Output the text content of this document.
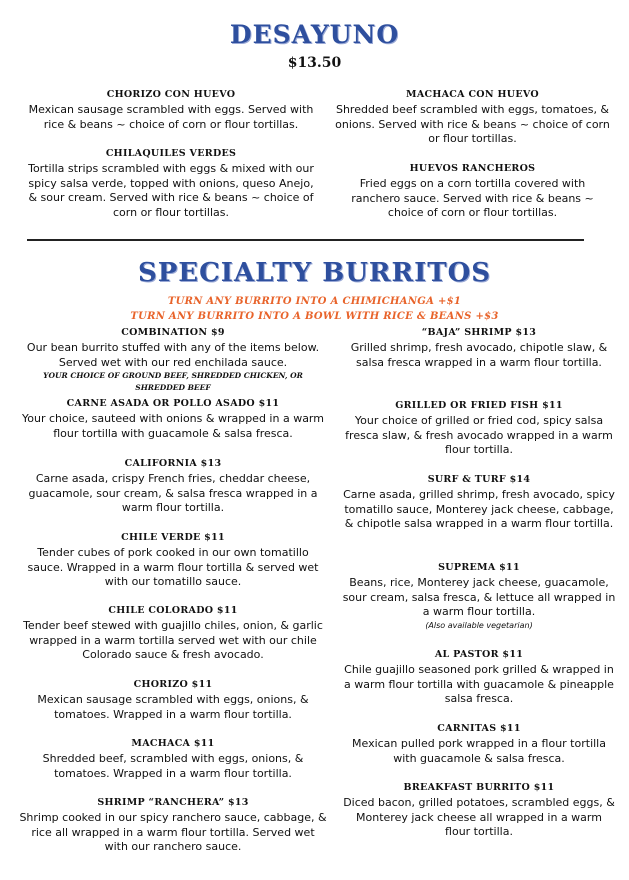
DESAYUNO
$13.50
CHORIZO CON HUEVO
Mexican sausage scrambled with eggs. Served with rice & beans ~ choice of corn or flour tortillas.
MACHACA CON HUEVO
Shredded beef scrambled with eggs, tomatoes, & onions. Served with rice & beans ~ choice of corn or flour tortillas.
CHILAQUILES VERDES
Tortilla strips scrambled with eggs & mixed with our spicy salsa verde, topped with onions, queso Anejo, & sour cream. Served with rice & beans ~ choice of corn or flour tortillas.
HUEVOS RANCHEROS
Fried eggs on a corn tortilla covered with ranchero sauce. Served with rice & beans ~ choice of corn or flour tortillas.
SPECIALTY BURRITOS
TURN ANY BURRITO INTO A CHIMICHANGA +$1
TURN ANY BURRITO INTO A BOWL WITH RICE & BEANS +$3
COMBINATION $9
Our bean burrito stuffed with any of the items below. Served wet with our red enchilada sauce.
YOUR CHOICE OF GROUND BEEF, SHREDDED CHICKEN, OR SHREDDED BEEF
CARNE ASADA OR POLLO ASADO $11
Your choice, sauteed with onions & wrapped in a warm flour tortilla with guacamole & salsa fresca.
CALIFORNIA $13
Carne asada, crispy French fries, cheddar cheese, guacamole, sour cream, & salsa fresca wrapped in a warm flour tortilla.
CHILE VERDE $11
Tender cubes of pork cooked in our own tomatillo sauce. Wrapped in a warm flour tortilla & served wet with our tomatillo sauce.
CHILE COLORADO $11
Tender beef stewed with guajillo chiles, onion, & garlic wrapped in a warm tortilla served wet with our chile Colorado sauce & fresh avocado.
CHORIZO $11
Mexican sausage scrambled with eggs, onions, & tomatoes. Wrapped in a warm flour tortilla.
MACHACA $11
Shredded beef, scrambled with eggs, onions, & tomatoes. Wrapped in a warm flour tortilla.
SHRIMP “RANCHERA” $13
Shrimp cooked in our spicy ranchero sauce, cabbage, & rice all wrapped in a warm flour tortilla. Served wet with our ranchero sauce.
“BAJA” SHRIMP $13
Grilled shrimp, fresh avocado, chipotle slaw, & salsa fresca wrapped in a warm flour tortilla.
GRILLED OR FRIED FISH $11
Your choice of grilled or fried cod, spicy salsa fresca slaw, & fresh avocado wrapped in a warm flour tortilla.
SURF & TURF $14
Carne asada, grilled shrimp, fresh avocado, spicy tomatillo sauce, Monterey jack cheese, cabbage, & chipotle salsa wrapped in a warm flour tortilla.
SUPREMA $11
Beans, rice, Monterey jack cheese, guacamole, sour cream, salsa fresca, & lettuce all wrapped in a warm flour tortilla.
(Also available vegetarian)
AL PASTOR $11
Chile guajillo seasoned pork grilled & wrapped in a warm flour tortilla with guacamole & pineapple salsa fresca.
CARNITAS $11
Mexican pulled pork wrapped in a flour tortilla with guacamole & salsa fresca.
BREAKFAST BURRITO $11
Diced bacon, grilled potatoes, scrambled eggs, & Monterey jack cheese all wrapped in a warm flour tortilla.
